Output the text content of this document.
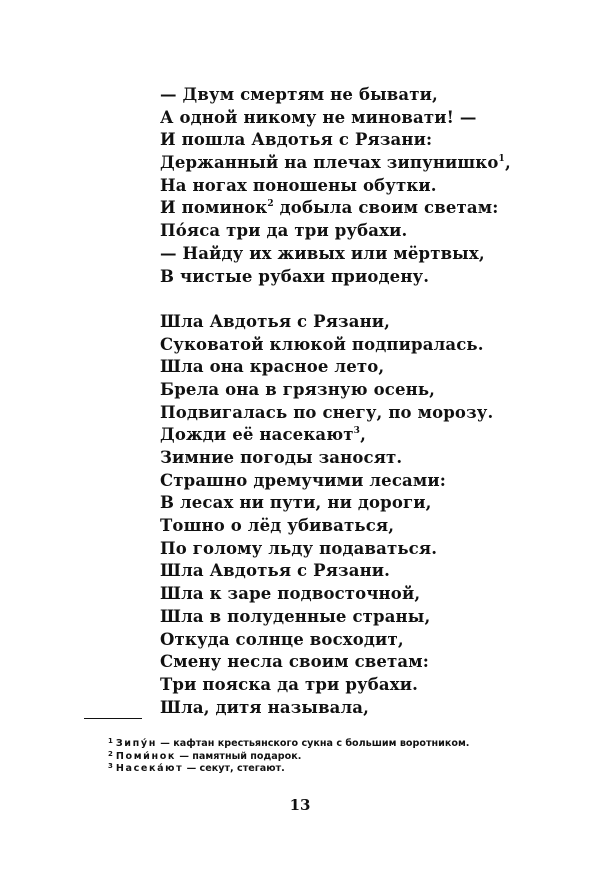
— Двум смертям не бывати,
А одной никому не миновати! —
И пошла Авдотья с Рязани:
Держанный на плечах зипунишко$^1$,
На ногах поношены обутки.
И поминок$^2$ добыла своим светам:
По́яса три да три рубахи.
— Найду их живых или мёртвых,
В чистые рубахи приодену.
Шла Авдотья с Рязани,
Суковатой клюкой подпиралась.
Шла она красное лето,
Брела она в грязную осень,
Подвигалась по снегу, по морозу.
Дожди её насекают$^3$,
Зимние погоды заносят.
Страшно дремучими лесами:
В лесах ни пути, ни дороги,
Тошно о лёд убиваться,
По голому льду подаваться.
Шла Авдотья с Рязани.
Шла к заре подвосточной,
Шла в полуденные страны,
Откуда солнце восходит,
Смену несла своим светам:
Три пояска да три рубахи.
Шла, дитя называла,
$^1$ Зипу́н — кафтан крестьянского сукна с большим воротником.
$^2$ Поми́нок — памятный подарок.
$^3$ Насека́ют — секут, стегают.
13
